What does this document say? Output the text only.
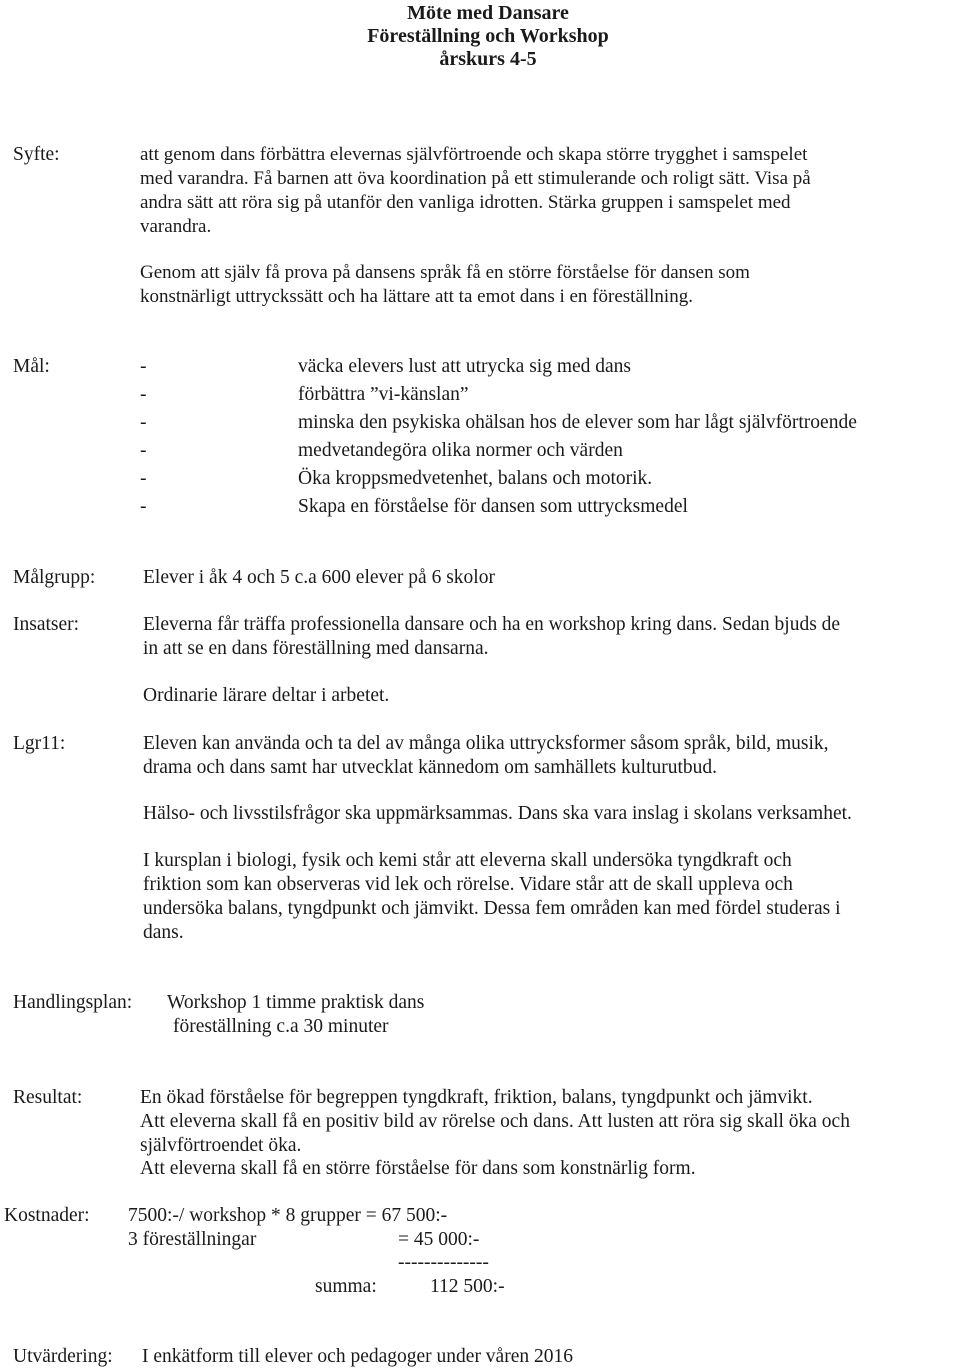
Möte med Dansare
Föreställning och Workshop
årskurs 4-5
Syfte:	att genom dans förbättra elevernas självförtroende och skapa större trygghet i samspelet
med varandra. Få barnen att öva koordination på ett stimulerande och roligt sätt. Visa på
andra sätt att röra sig på utanför den vanliga idrotten. Stärka gruppen i samspelet med
varandra.
Genom att själv få prova på dansens språk få en större förståelse för dansen som
konstnärligt uttryckssätt och ha lättare att ta emot dans i en föreställning.
Mål:	-	väcka elevers lust att utrycka sig med dans
-	förbättra ”vi-känslan”
-	minska den psykiska ohälsan hos de elever som har lågt självförtroende
-	medvetandegöra olika normer och värden
-	Öka kroppsmedvetenhet, balans och motorik.
-	Skapa en förståelse för dansen som uttrycksmedel
Målgrupp: Elever i åk 4 och 5 c.a 600 elever på 6 skolor
Insatser:	Eleverna får träffa professionella dansare och ha en workshop kring dans. Sedan bjuds de
in att se en dans föreställning med dansarna.
Ordinarie lärare deltar i arbetet.
Lgr11:	Eleven kan använda och ta del av många olika uttrycksformer såsom språk, bild, musik,
drama och dans samt har utvecklat kännedom om samhällets kulturutbud.
Hälso- och livsstilsfrågor ska uppmärksammas. Dans ska vara inslag i skolans verksamhet.
I kursplan i biologi, fysik och kemi står att eleverna skall undersöka tyngdkraft och
friktion som kan observeras vid lek och rörelse. Vidare står att de skall uppleva och
undersöka balans, tyngdpunkt och jämvikt. Dessa fem områden kan med fördel studeras i
dans.
Handlingsplan: Workshop 1 timme praktisk dans
föreställning c.a 30 minuter
Resultat:	En ökad förståelse för begreppen tyngdkraft, friktion, balans, tyngdpunkt och jämvikt.
Att eleverna skall få en positiv bild av rörelse och dans. Att lusten att röra sig skall öka och
självförtroendet öka.
Att eleverna skall få en större förståelse för dans som konstnärlig form.
Kostnader: 7500:-/ workshop * 8 grupper = 67 500:-
3 föreställningar	= 45 000:-
--------------
summa:	112 500:-
Utvärdering: I enkätform till elever och pedagoger under våren 2016
